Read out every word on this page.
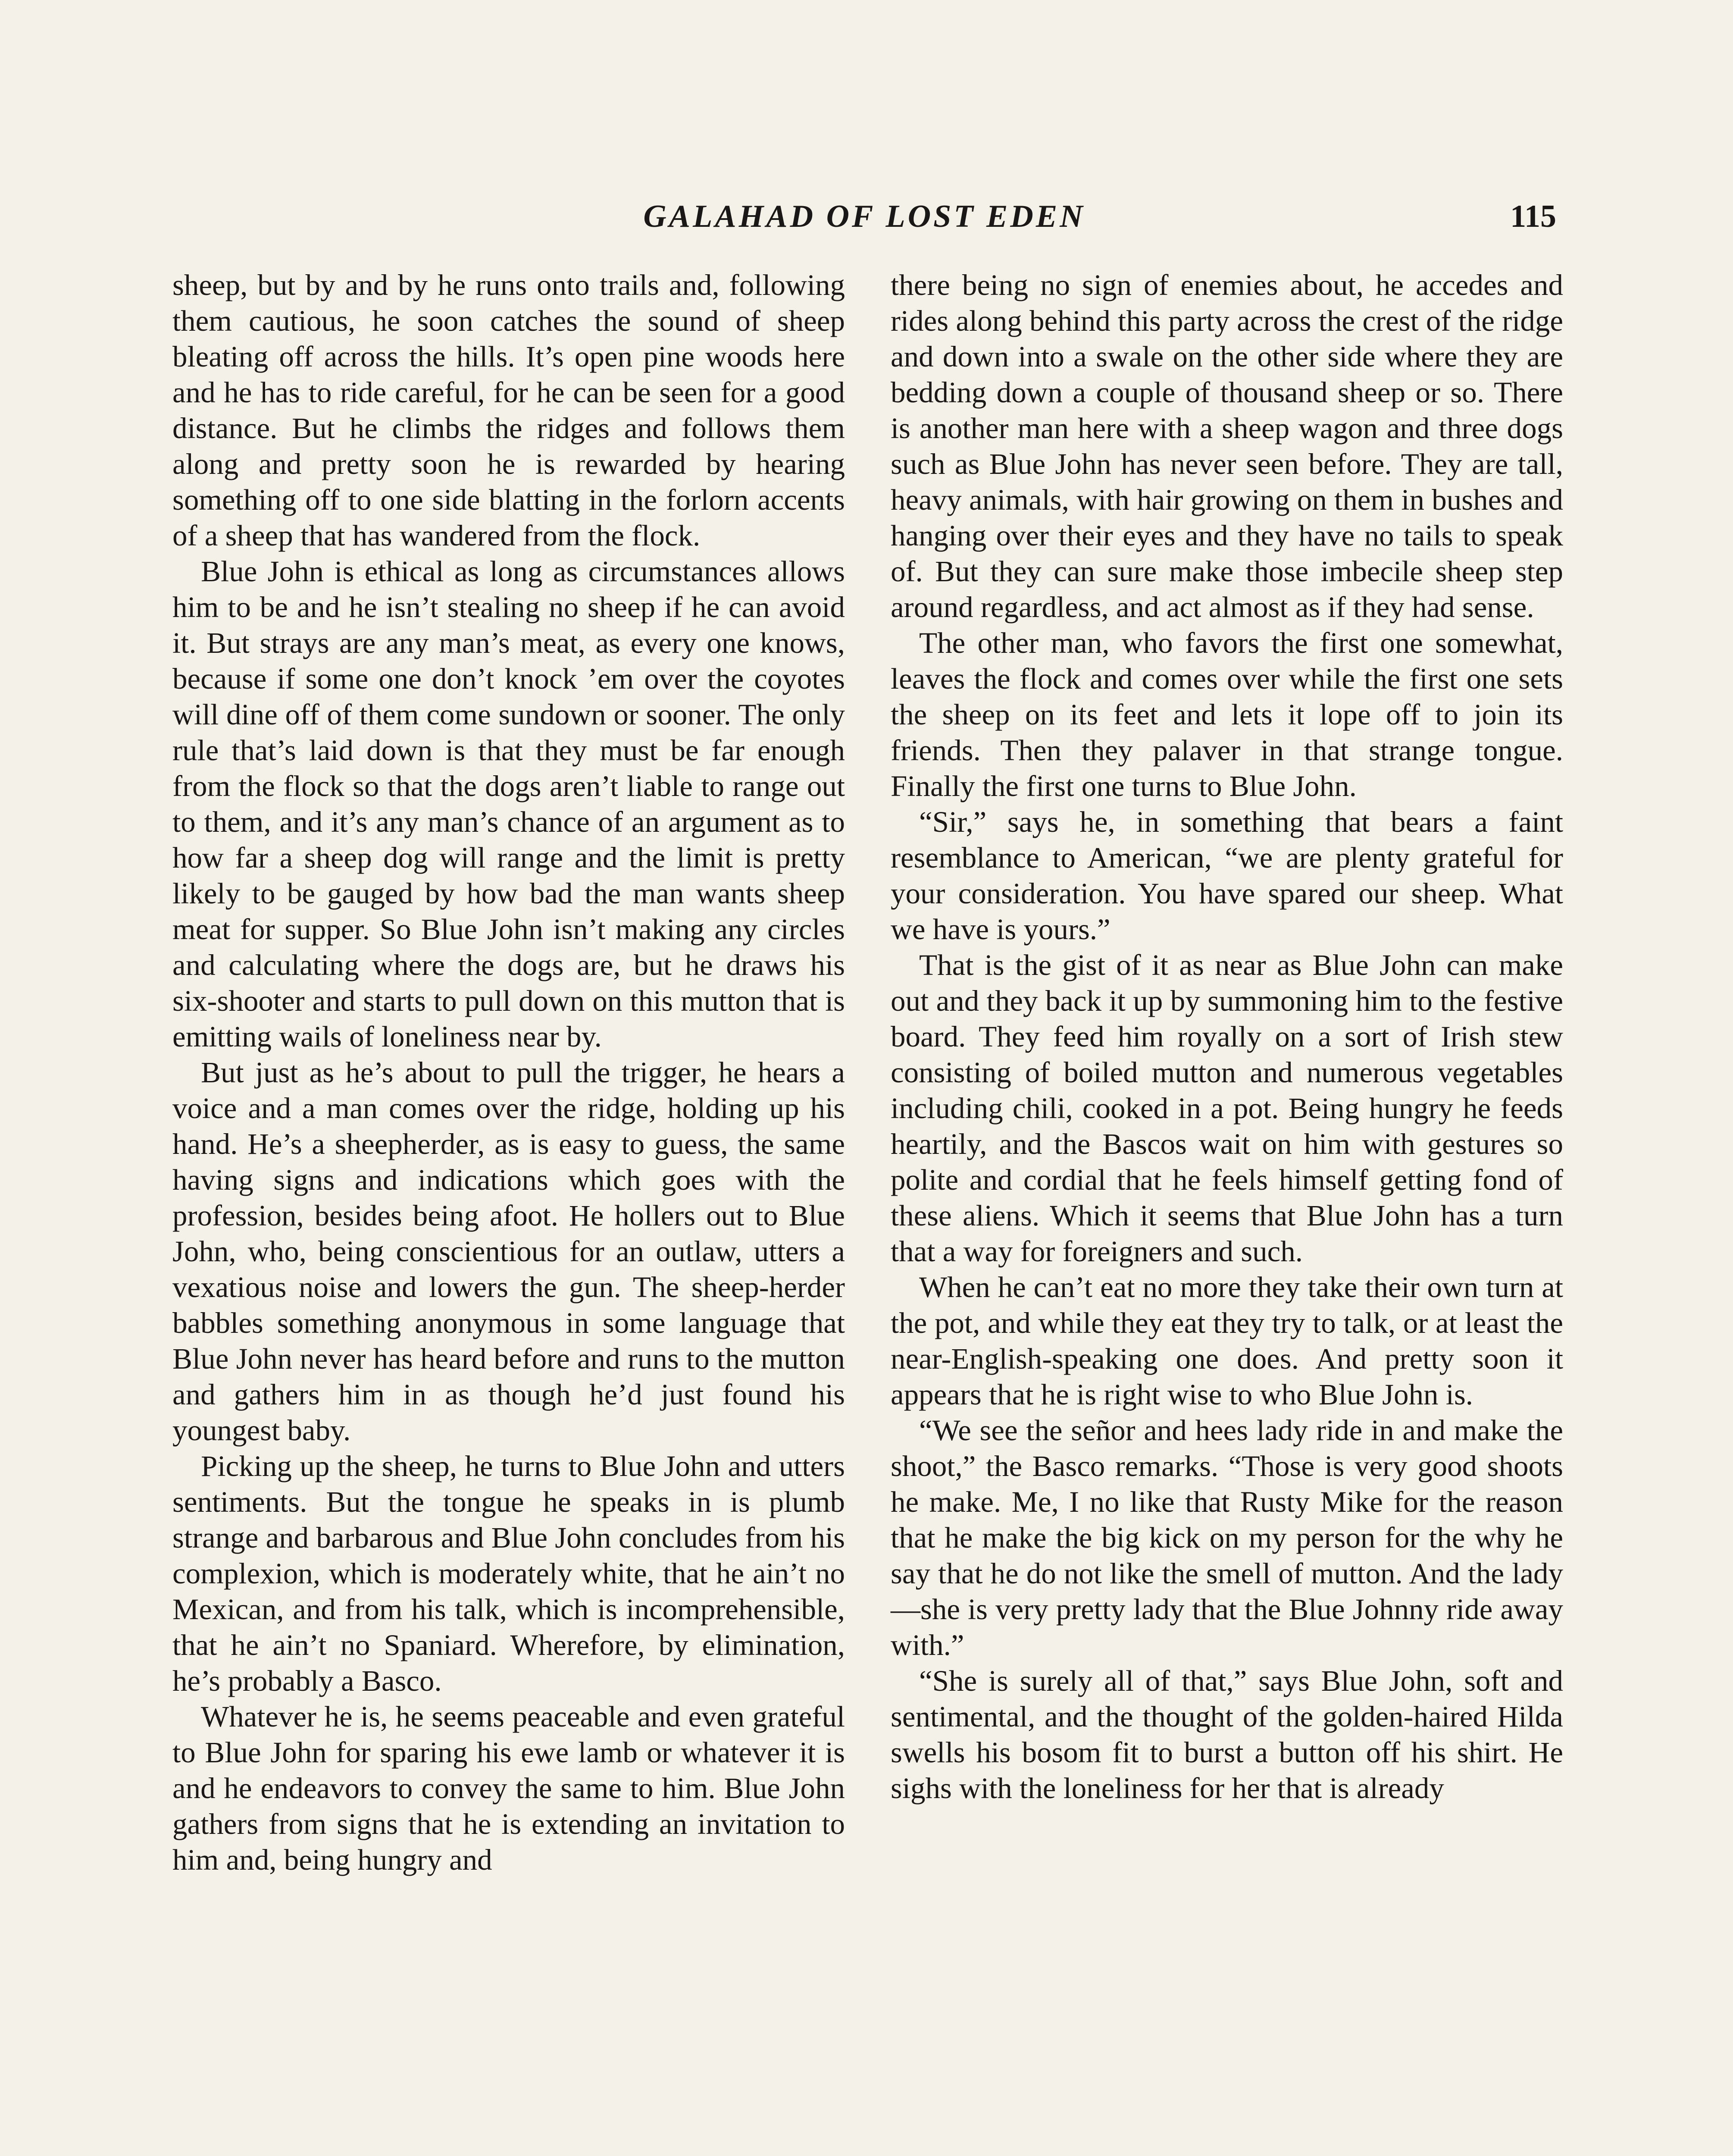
GALAHAD OF LOST EDEN	115

sheep, but by and by he runs onto trails and, following them cautious, he soon catches the sound of sheep bleating off across the hills. It’s open pine woods here and he has to ride careful, for he can be seen for a good distance. But he climbs the ridges and follows them along and pretty soon he is rewarded by hearing something off to one side blatting in the forlorn accents of a sheep that has wandered from the flock.

Blue John is ethical as long as circumstances allows him to be and he isn’t stealing no sheep if he can avoid it. But strays are any man’s meat, as every one knows, because if some one don’t knock ’em over the coyotes will dine off of them come sundown or sooner. The only rule that’s laid down is that they must be far enough from the flock so that the dogs aren’t liable to range out to them, and it’s any man’s chance of an argument as to how far a sheep dog will range and the limit is pretty likely to be gauged by how bad the man wants sheep meat for supper. So Blue John isn’t making any circles and calculating where the dogs are, but he draws his six-shooter and starts to pull down on this mutton that is emitting wails of loneliness near by.

But just as he’s about to pull the trigger, he hears a voice and a man comes over the ridge, holding up his hand. He’s a sheepherder, as is easy to guess, the same having signs and indications which goes with the profession, besides being afoot. He hollers out to Blue John, who, being conscientious for an outlaw, utters a vexatious noise and lowers the gun. The sheep-herder babbles something anonymous in some language that Blue John never has heard before and runs to the mutton and gathers him in as though he’d just found his youngest baby.

Picking up the sheep, he turns to Blue John and utters sentiments. But the tongue he speaks in is plumb strange and barbarous and Blue John concludes from his complexion, which is moderately white, that he ain’t no Mexican, and from his talk, which is incomprehensible, that he ain’t no Spaniard. Wherefore, by elimination, he’s probably a Basco.

Whatever he is, he seems peaceable and even grateful to Blue John for sparing his ewe lamb or whatever it is and he endeavors to convey the same to him. Blue John gathers from signs that he is extending an invitation to him and, being hungry and

there being no sign of enemies about, he accedes and rides along behind this party across the crest of the ridge and down into a swale on the other side where they are bedding down a couple of thousand sheep or so. There is another man here with a sheep wagon and three dogs such as Blue John has never seen before. They are tall, heavy animals, with hair growing on them in bushes and hanging over their eyes and they have no tails to speak of. But they can sure make those imbecile sheep step around regardless, and act almost as if they had sense.

The other man, who favors the first one somewhat, leaves the flock and comes over while the first one sets the sheep on its feet and lets it lope off to join its friends. Then they palaver in that strange tongue. Finally the first one turns to Blue John.

“Sir,” says he, in something that bears a faint resemblance to American, “we are plenty grateful for your consideration. You have spared our sheep. What we have is yours.”

That is the gist of it as near as Blue John can make out and they back it up by summoning him to the festive board. They feed him royally on a sort of Irish stew consisting of boiled mutton and numerous vegetables including chili, cooked in a pot. Being hungry he feeds heartily, and the Bascos wait on him with gestures so polite and cordial that he feels himself getting fond of these aliens. Which it seems that Blue John has a turn that a way for foreigners and such.

When he can’t eat no more they take their own turn at the pot, and while they eat they try to talk, or at least the near-English-speaking one does. And pretty soon it appears that he is right wise to who Blue John is.

“We see the señor and hees lady ride in and make the shoot,” the Basco remarks. “Those is very good shoots he make. Me, I no like that Rusty Mike for the reason that he make the big kick on my person for the why he say that he do not like the smell of mutton. And the lady—she is very pretty lady that the Blue Johnny ride away with.”

“She is surely all of that,” says Blue John, soft and sentimental, and the thought of the golden-haired Hilda swells his bosom fit to burst a button off his shirt. He sighs with the loneliness for her that is already
